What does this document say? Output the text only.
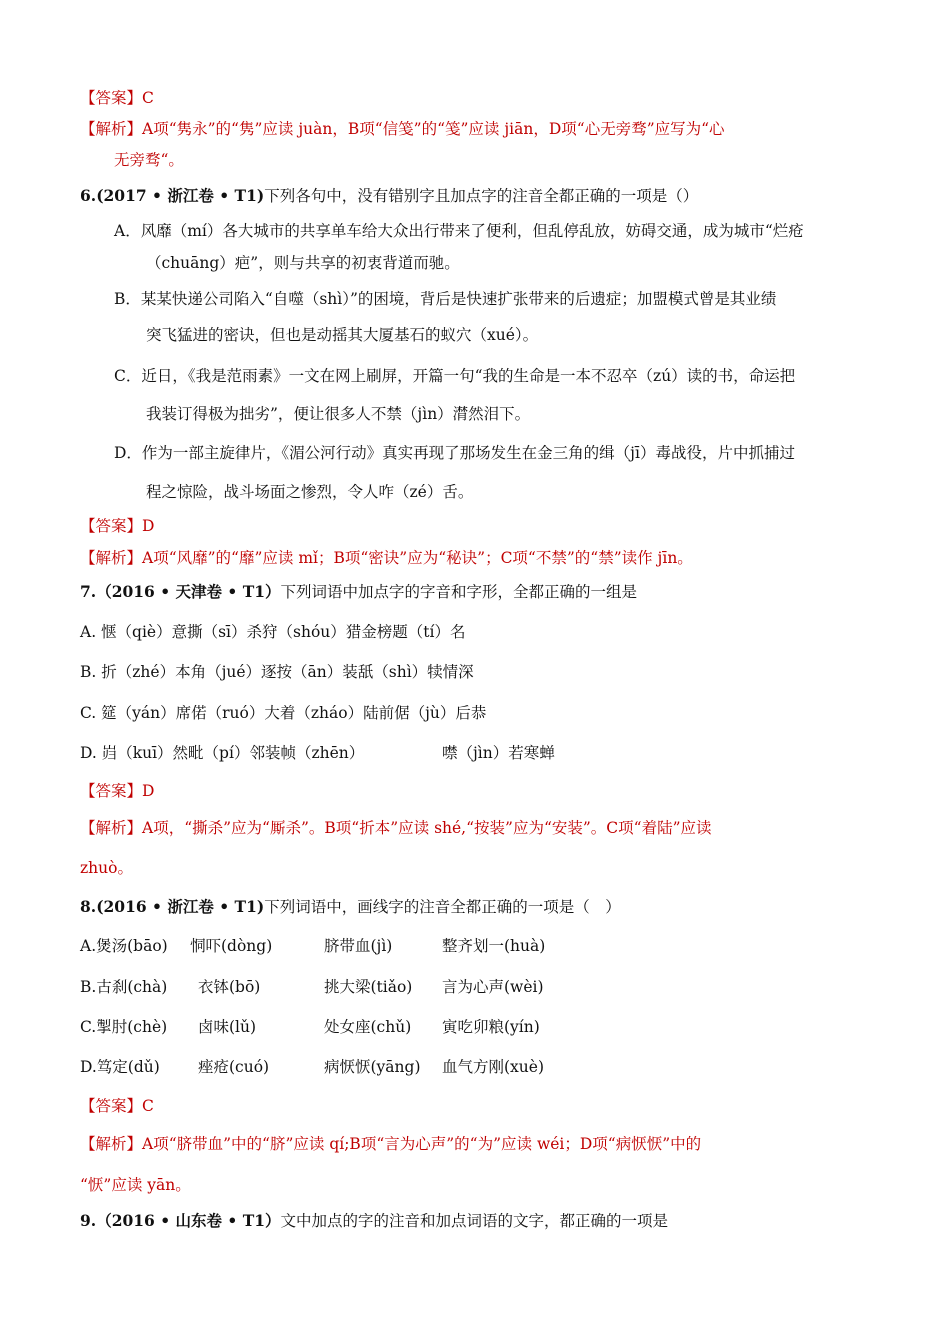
【答案】C
【解析】A项“隽永”的“隽”应读 juàn，B项“信笺”的“笺”应读 jiān，D项“心无旁骛”应写为“心
无旁骛“。
6.(2017 • 浙江卷 • T1)下列各句中，没有错别字且加点字的注音全都正确的一项是（）
A．风靡（mí）各大城市的共享单车给大众出行带来了便利，但乱停乱放，妨碍交通，成为城市“烂疮
（chuāng）疤”，则与共享的初衷背道而驰。
B．某某快递公司陷入“自噬（shì）”的困境，背后是快速扩张带来的后遗症；加盟模式曾是其业绩
突飞猛进的密诀，但也是动摇其大厦基石的蚁穴（xué）。
C．近日，《我是范雨素》一文在网上刷屏，开篇一句“我的生命是一本不忍卒（zú）读的书，命运把
我装订得极为拙劣”，便让很多人不禁（jìn）潸然泪下。
D．作为一部主旋律片，《湄公河行动》真实再现了那场发生在金三角的缉（jī）毒战役，片中抓捕过
程之惊险，战斗场面之惨烈，令人咋（zé）舌。
【答案】D
【解析】A项“风靡”的“靡”应读 mǐ；B项“密诀”应为“秘诀”；C项“不禁”的“禁”读作 jīn。
7.（2016 • 天津卷 • T1）下列词语中加点字的字音和字形，全都正确的一组是
A. 惬（qiè）意撕（sī）杀狩（shóu）猎金榜题（tí）名
B. 折（zhé）本角（jué）逐按（ān）装舐（shì）犊情深
C. 筵（yán）席偌（ruó）大着（zháo）陆前倨（jù）后恭
D. 岿（kuī）然毗（pí）邻装帧（zhēn）	噤（jìn）若寒蝉
【答案】D
【解析】A项，“撕杀”应为“厮杀”。B项“折本”应读 shé,“按装”应为“安装”。C项“着陆”应读
zhuò。
8.(2016 • 浙江卷 • T1)下列词语中，画线字的注音全都正确的一项是（　）
A.煲汤(bāo) 恫吓(dòng)	脐带血(jì)	整齐划一(huà)
B.古刹(chà) 衣钵(bō)	挑大梁(tiǎo) 言为心声(wèi)
C.掣肘(chè) 卤味(lǔ)	处女座(chǔ) 寅吃卯粮(yín)
D.笃定(dǔ) 痤疮(cuó)	病恹恹(yāng) 血气方刚(xuè)
【答案】C
【解析】A项“脐带血”中的“脐”应读 qí;B项“言为心声”的“为”应读 wéi；D项“病恹恹”中的
“恹”应读 yān。
9.（2016 • 山东卷 • T1）文中加点的字的注音和加点词语的文字，都正确的一项是
